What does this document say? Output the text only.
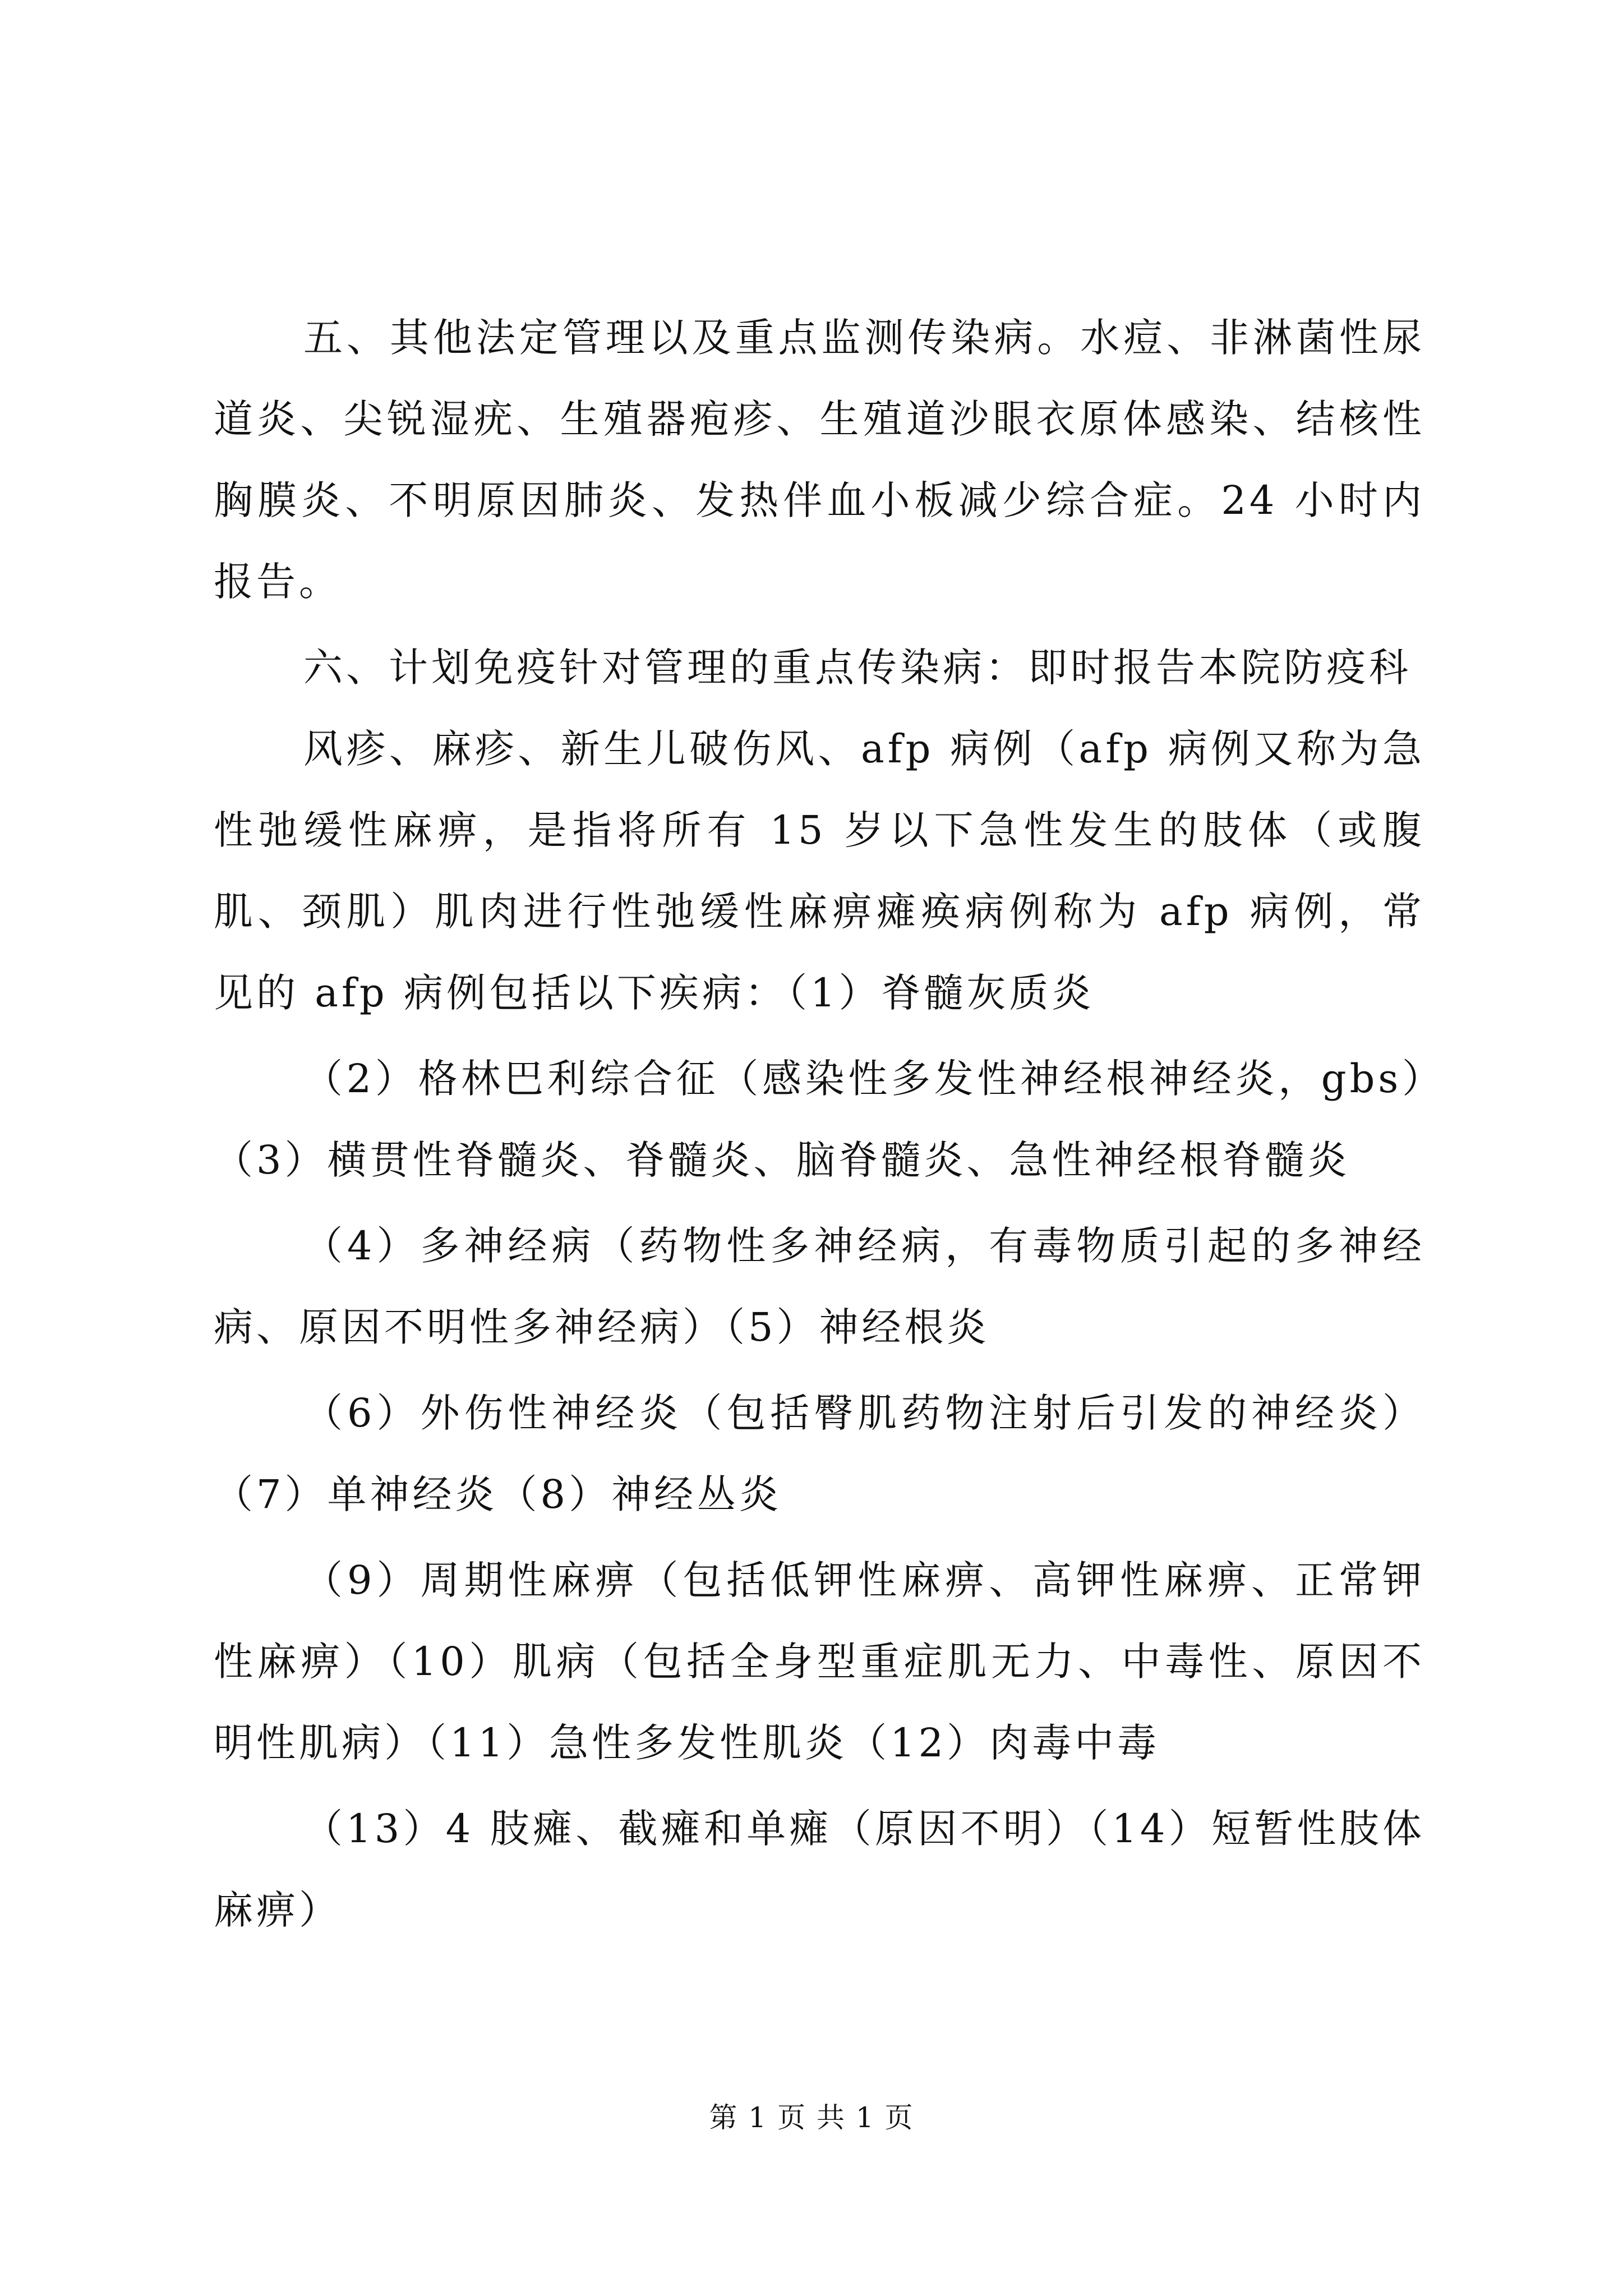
五、其他法定管理以及重点监测传染病。水痘、非淋菌性尿道炎、尖锐湿疣、生殖器疱疹、生殖道沙眼衣原体感染、结核性胸膜炎、不明原因肺炎、发热伴血小板减少综合症。24 小时内报告。

六、计划免疫针对管理的重点传染病：即时报告本院防疫科

风疹、麻疹、新生儿破伤风、afp 病例（afp 病例又称为急性弛缓性麻痹，是指将所有 15 岁以下急性发生的肢体（或腹肌、颈肌）肌肉进行性弛缓性麻痹瘫痪病例称为 afp 病例，常见的 afp 病例包括以下疾病：（1）脊髓灰质炎

（2）格林巴利综合征（感染性多发性神经根神经炎，gbs）（3）横贯性脊髓炎、脊髓炎、脑脊髓炎、急性神经根脊髓炎

（4）多神经病（药物性多神经病，有毒物质引起的多神经病、原因不明性多神经病）（5）神经根炎

（6）外伤性神经炎（包括臀肌药物注射后引发的神经炎）（7）单神经炎（8）神经丛炎

（9）周期性麻痹（包括低钾性麻痹、高钾性麻痹、正常钾性麻痹）（10）肌病（包括全身型重症肌无力、中毒性、原因不明性肌病）（11）急性多发性肌炎（12）肉毒中毒

（13）4 肢瘫、截瘫和单瘫（原因不明）（14）短暂性肢体麻痹）

第 1 页 共 1 页
